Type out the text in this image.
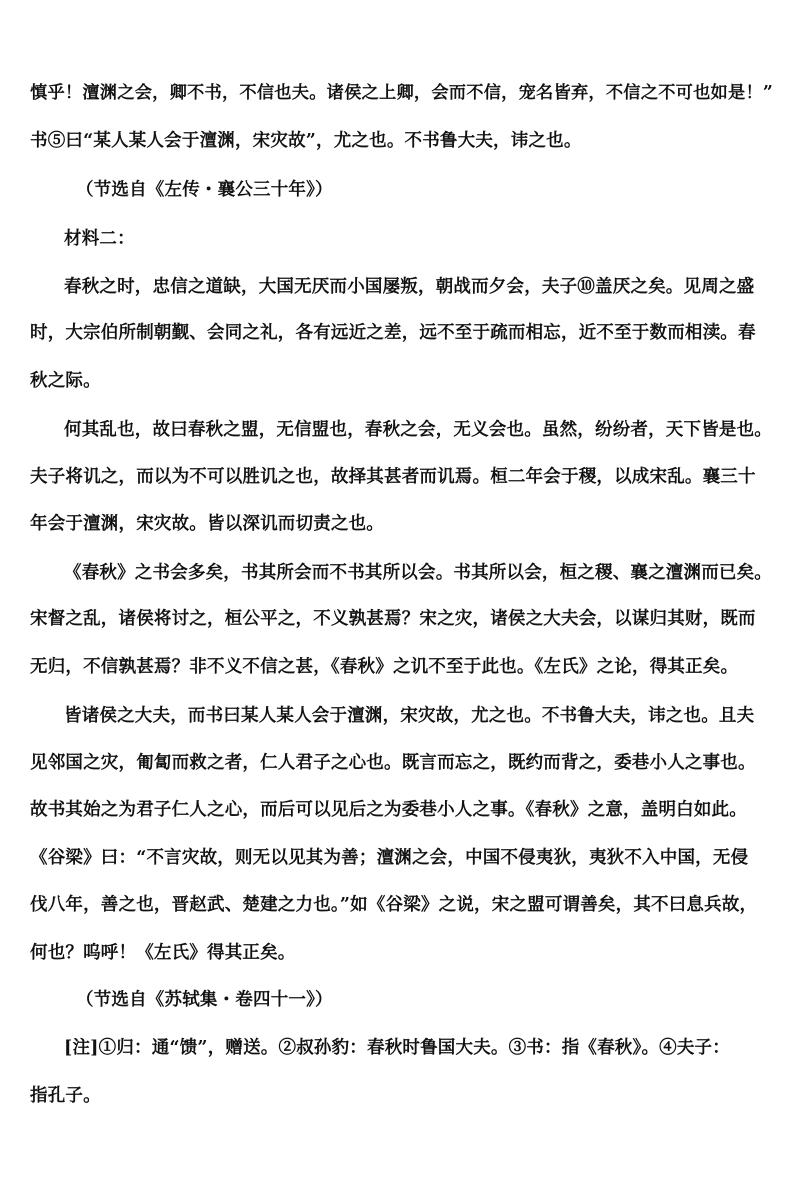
慎乎！澶渊之会，卿不书，不信也夫。诸侯之上卿，会而不信，宠名皆弃，不信之不可也如是！”
书⑤曰“某人某人会于澶渊，宋灾故”，尤之也。不书鲁大夫，讳之也。
（节选自《左传・襄公三十年》）
材料二：
春秋之时，忠信之道缺，大国无厌而小国屡叛，朝战而夕会，夫子⑩盖厌之矣。见周之盛
时，大宗伯所制朝觐、会同之礼，各有远近之差，远不至于疏而相忘，近不至于数而相渎。春
秋之际。
何其乱也，故曰春秋之盟，无信盟也，春秋之会，无义会也。虽然，纷纷者，天下皆是也。
夫子将讥之，而以为不可以胜讥之也，故择其甚者而讥焉。桓二年会于稷，以成宋乱。襄三十
年会于澶渊，宋灾故。皆以深讥而切责之也。
《春秋》之书会多矣，书其所会而不书其所以会。书其所以会，桓之稷、襄之澶渊而已矣。
宋督之乱，诸侯将讨之，桓公平之，不义孰甚焉？宋之灾，诸侯之大夫会，以谋归其财，既而
无归，不信孰甚焉？非不义不信之甚，《春秋》之讥不至于此也。《左氏》之论，得其正矣。
皆诸侯之大夫，而书曰某人某人会于澶渊，宋灾故，尤之也。不书鲁大夫，讳之也。且夫
见邻国之灾，匍匐而救之者，仁人君子之心也。既言而忘之，既约而背之，委巷小人之事也。
故书其始之为君子仁人之心，而后可以见后之为委巷小人之事。《春秋》之意，盖明白如此。
《谷梁》曰：“不言灾故，则无以见其为善；澶渊之会，中国不侵夷狄，夷狄不入中国，无侵
伐八年，善之也，晋赵武、楚建之力也。”如《谷梁》之说，宋之盟可谓善矣，其不曰息兵故，
何也？呜呼！《左氏》得其正矣。
（节选自《苏轼集・卷四十一》）
[注]①归：通“馈”，赠送。②叔孙豹：春秋时鲁国大夫。③书：指《春秋》。④夫子：
指孔子。
